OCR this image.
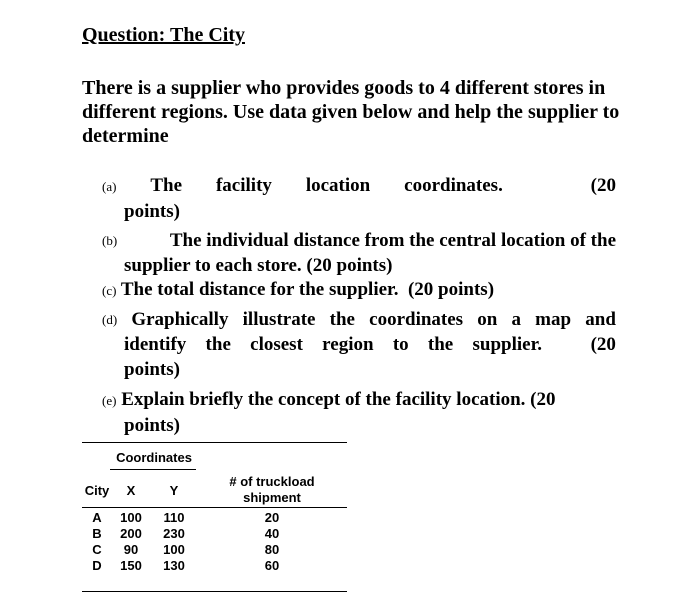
Question: The City

There is a supplier who provides goods to 4 different stores in different regions. Use data given below and help the supplier to determine

(a) The facility location coordinates.	(20
points)
(b)	The individual distance from the central location of the
supplier to each store. (20 points)
(c) The total distance for the supplier.  (20 points)
(d) Graphically illustrate the coordinates on a map and
identify the closest region to the supplier.	(20
points)
(e) Explain briefly the concept of the facility location. (20
points)
Coordinates
City	X	Y
# of truckload
shipment
A	100	110	20
B	200	230	40
C	90	100	80
D	150	130	60
